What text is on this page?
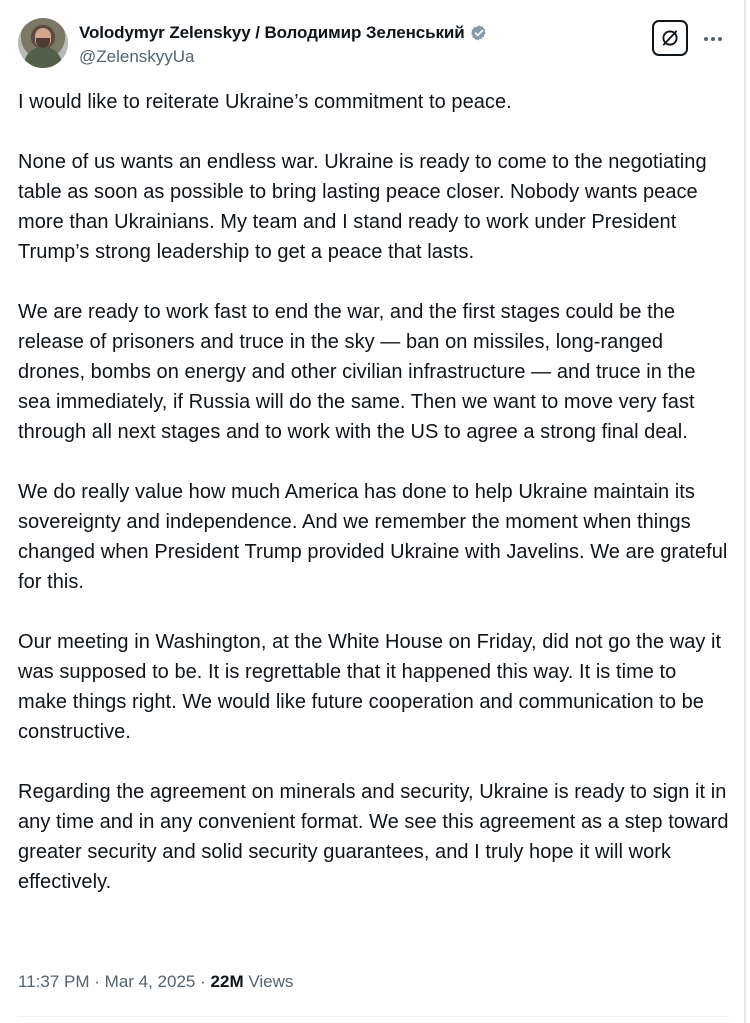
Volodymyr Zelenskyy / Володимир Зеленський
@ZelenskyyUa

I would like to reiterate Ukraine’s commitment to peace.

None of us wants an endless war. Ukraine is ready to come to the negotiating table as soon as possible to bring lasting peace closer. Nobody wants peace more than Ukrainians. My team and I stand ready to work under President Trump’s strong leadership to get a peace that lasts.

We are ready to work fast to end the war, and the first stages could be the release of prisoners and truce in the sky — ban on missiles, long-ranged drones, bombs on energy and other civilian infrastructure — and truce in the sea immediately, if Russia will do the same. Then we want to move very fast through all next stages and to work with the US to agree a strong final deal.

We do really value how much America has done to help Ukraine maintain its sovereignty and independence. And we remember the moment when things changed when President Trump provided Ukraine with Javelins. We are grateful for this.

Our meeting in Washington, at the White House on Friday, did not go the way it was supposed to be. It is regrettable that it happened this way. It is time to make things right. We would like future cooperation and communication to be constructive.

Regarding the agreement on minerals and security, Ukraine is ready to sign it in any time and in any convenient format. We see this agreement as a step toward greater security and solid security guarantees, and I truly hope it will work effectively.

11:37 PM · Mar 4, 2025 · 22M Views
